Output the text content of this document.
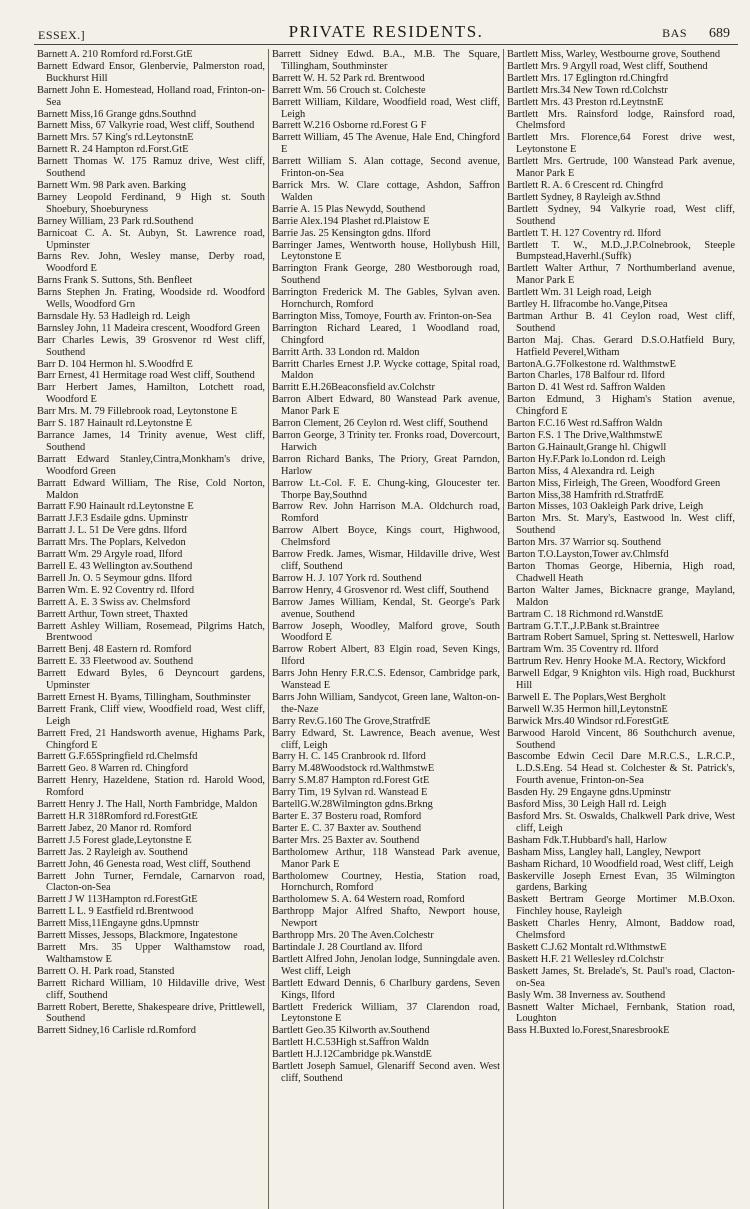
ESSEX.]	PRIVATE RESIDENTS.	BAS 689

Barnett A. 210 Romford rd.Forst.GtE

Barnett Edward Ensor, Glenbervie, Palmerston road, Buckhurst Hill

Barnett John E. Homestead, Holland road, Frinton-on-Sea

Barnett Miss,16 Grange gdns.Southnd

Barnett Miss, 67 Valkyrie road, West cliff, Southend

Barnett Mrs. 57 King's rd.LeytonstnE

Barnett R. 24 Hampton rd.Forst.GtE

Barnett Thomas W. 175 Ramuz drive, West cliff, Southend

Barnett Wm. 98 Park aven. Barking

Barney Leopold Ferdinand, 9 High st. South Shoebury, Shoeburyness

Barney William, 23 Park rd.Southend

Barnicoat C. A. St. Aubyn, St. Lawrence road, Upminster

Barns Rev. John, Wesley manse, Derby road, Woodford E

Barns Frank S. Suttons, Sth. Benfleet

Barns Stephen Jn. Frating, Woodside rd. Woodford Wells, Woodford Grn

Barnsdale Hy. 53 Hadleigh rd. Leigh

Barnsley John, 11 Madeira crescent, Woodford Green

Barr Charles Lewis, 39 Grosvenor rd West cliff, Southend

Barr D. 104 Hermon hl. S.Woodfrd E

Barr Ernest, 41 Hermitage road West cliff, Southend

Barr Herbert James, Hamilton, Lotchett road, Woodford E

Barr Mrs. M. 79 Fillebrook road, Leytonstone E

Barr S. 187 Hainault rd.Leytonstne E

Barrance James, 14 Trinity avenue, West cliff, Southend

Barratt Edward Stanley,Cintra,Monkham's drive, Woodford Green

Barratt Edward William, The Rise, Cold Norton, Maldon

Barratt F.90 Hainault rd.Leytonstne E

Barratt J.F.3 Esdaile gdns. Upminstr

Barratt J. L. 51 De Vere gdns. Ilford

Barratt Mrs. The Poplars, Kelvedon

Barratt Wm. 29 Argyle road, Ilford

Barrell E. 43 Wellington av.Southend

Barrell Jn. O. 5 Seymour gdns. Ilford

Barren Wm. E. 92 Coventry rd. Ilford

Barrett A. E. 3 Swiss av. Chelmsford

Barrett Arthur, Town street, Thaxted

Barrett Ashley William, Rosemead, Pilgrims Hatch, Brentwood

Barrett Benj. 48 Eastern rd. Romford

Barrett E. 33 Fleetwood av. Southend

Barrett Edward Byles, 6 Deyncourt gardens, Upminster

Barrett Ernest H. Byams, Tillingham, Southminster

Barrett Frank, Cliff view, Woodfield road, West cliff, Leigh

Barrett Fred, 21 Handsworth avenue, Highams Park, Chingford E

Barrett G.F.65Springfield rd.Chelmsfd

Barrett Geo. 8 Warren rd. Chingford

Barrett Henry, Hazeldene, Station rd. Harold Wood, Romford

Barrett Henry J. The Hall, North Fambridge, Maldon

Barrett H.R 318Romford rd.ForestGtE

Barrett Jabez, 20 Manor rd. Romford

Barrett J.5 Forest glade,Leytonstne E

Barrett Jas. 2 Rayleigh av. Southend

Barrett John, 46 Genesta road, West cliff, Southend

Barrett John Turner, Ferndale, Carnarvon road, Clacton-on-Sea

Barrett J W 113Hampton rd.ForestGtE

Barrett L L. 9 Eastfield rd.Brentwood

Barrett Miss,11Engayne gdns.Upmnstr

Barrett Misses, Jessops, Blackmore, Ingatestone

Barrett Mrs. 35 Upper Walthamstow road, Walthamstow E

Barrett O. H. Park road, Stansted

Barrett Richard William, 10 Hildaville drive, West cliff, Southend

Barrett Robert, Berette, Shakespeare drive, Prittlewell, Southend

Barrett Sidney,16 Carlisle rd.Romford

Barrett Sidney Edwd. B.A., M.B. The Square, Tillingham, Southminster

Barrett W. H. 52 Park rd. Brentwood

Barrett Wm. 56 Crouch st. Colcheste

Barrett William, Kildare, Woodfield road, West cliff, Leigh

Barrett W.216 Osborne rd.Forest G F

Barrett William, 45 The Avenue, Hale End, Chingford E

Barrett William S. Alan cottage, Second avenue, Frinton-on-Sea

Barrick Mrs. W. Clare cottage, Ashdon, Saffron Walden

Barrie A. 15 Plas Newydd, Southend

Barrie Alex.194 Plashet rd.Plaistow E

Barrie Jas. 25 Kensington gdns. Ilford

Barringer James, Wentworth house, Hollybush Hill, Leytonstone E

Barrington Frank George, 280 Westborough road, Southend

Barrington Frederick M. The Gables, Sylvan aven. Hornchurch, Romford

Barrington Miss, Tomoye, Fourth av. Frinton-on-Sea

Barrington Richard Leared, 1 Woodland road, Chingford

Barritt Arth. 33 London rd. Maldon

Barritt Charles Ernest J.P. Wycke cottage, Spital road, Maldon

Barritt E.H.26Beaconsfield av.Colchstr

Barron Albert Edward, 80 Wanstead Park avenue, Manor Park E

Barron Clement, 26 Ceylon rd. West cliff, Southend

Barron George, 3 Trinity ter. Fronks road, Dovercourt, Harwich

Barron Richard Banks, The Priory, Great Parndon, Harlow

Barrow Lt.-Col. F. E. Chung-king, Gloucester ter. Thorpe Bay,Southnd

Barrow Rev. John Harrison M.A. Oldchurch road, Romford

Barrow Albert Boyce, Kings court, Highwood, Chelmsford

Barrow Fredk. James, Wismar, Hildaville drive, West cliff, Southend

Barrow H. J. 107 York rd. Southend

Barrow Henry, 4 Grosvenor rd. West cliff, Southend

Barrow James William, Kendal, St. George's Park avenue, Southend

Barrow Joseph, Woodley, Malford grove, South Woodford E

Barrow Robert Albert, 83 Elgin road, Seven Kings, Ilford

Barrs John Henry F.R.C.S. Edensor, Cambridge park, Wanstead E

Barrs John William, Sandycot, Green lane, Walton-on-the-Naze

Barry Rev.G.160 The Grove,StratfrdE

Barry Edward, St. Lawrence, Beach avenue, West cliff, Leigh

Barry H. C. 145 Cranbrook rd. Ilford

Barry M.48Woodstock rd.WalthmstwE

Barry S.M.87 Hampton rd.Forest GtE

Barry Tim, 19 Sylvan rd. Wanstead E

BartellG.W.28Wilmington gdns.Brkng

Barter E. 37 Bosteru road, Romford

Barter E. C. 37 Baxter av. Southend

Barter Mrs. 25 Baxter av. Southend

Bartholomew Arthur, 118 Wanstead Park avenue, Manor Park E

Bartholomew Courtney, Hestia, Station road, Hornchurch, Romford

Bartholomew S. A. 64 Western road, Romford

Barthropp Major Alfred Shafto, Newport house, Newport

Barthropp Mrs. 20 The Aven.Colchestr

Bartindale J. 28 Courtland av. Ilford

Bartlett Alfred John, Jenolan lodge, Sunningdale aven. West cliff, Leigh

Bartlett Edward Dennis, 6 Charlbury gardens, Seven Kings, Ilford

Bartlett Frederick William, 37 Clarendon road, Leytonstone E

Bartlett Geo.35 Kilworth av.Southend

Bartlett H.C.53High st.Saffron Waldn

Bartlett H.J.12Cambridge pk.WanstdE

Bartlett Joseph Samuel, Glenariff Second aven. West cliff, Southend

Bartlett Miss, Warley, Westbourne grove, Southend

Bartlett Mrs. 9 Argyll road, West cliff, Southend

Bartlett Mrs. 17 Eglington rd.Chingfrd

Bartlett Mrs.34 New Town rd.Colchstr

Bartlett Mrs. 43 Preston rd.LeytnstnE

Bartlett Mrs. Rainsford lodge, Rainsford road, Chelmsford

Bartlett Mrs. Florence,64 Forest drive west, Leytonstone E

Bartlett Mrs. Gertrude, 100 Wanstead Park avenue, Manor Park E

Bartlett R. A. 6 Crescent rd. Chingfrd

Bartlett Sydney, 8 Rayleigh av.Sthnd

Bartlett Sydney, 94 Valkyrie road, West cliff, Southend

Bartlett T. H. 127 Coventry rd. Ilford

Bartlett T. W., M.D.,J.P.Colnebrook, Steeple Bumpstead,Haverhl.(Suffk)

Bartlett Walter Arthur, 7 Northumberland avenue, Manor Park E

Bartlett Wm. 31 Leigh road, Leigh

Bartley H. Ilfracombe ho.Vange,Pitsea

Bartman Arthur B. 41 Ceylon road, West cliff, Southend

Barton Maj. Chas. Gerard D.S.O.Hatfield Bury, Hatfield Peverel,Witham

BartonA.G.7Folkestone rd. WalthmstwE

Barton Charles, 178 Balfour rd. Ilford

Barton D. 41 West rd. Saffron Walden

Barton Edmund, 3 Higham's Station avenue, Chingford E

Barton F.C.16 West rd.Saffron Waldn

Barton F.S. 1 The Drive,WalthmstwE

Barton G.Hainault,Grange hl. Chigwll

Barton Hy.F.Park lo.London rd. Leigh

Barton Miss, 4 Alexandra rd. Leigh

Barton Miss, Firleigh, The Green, Woodford Green

Barton Miss,38 Hamfrith rd.StratfrdE

Barton Misses, 103 Oakleigh Park drive, Leigh

Barton Mrs. St. Mary's, Eastwood ln. West cliff, Southend

Barton Mrs. 37 Warrior sq. Southend

Barton T.O.Layston,Tower av.Chlmsfd

Barton Thomas George, Hibernia, High road, Chadwell Heath

Barton Walter James, Bicknacre grange, Mayland, Maldon

Bartram C. 18 Richmond rd.WanstdE

Bartram G.T.T.,J.P.Bank st.Braintree

Bartram Robert Samuel, Spring st. Netteswell, Harlow

Bartram Wm. 35 Coventry rd. Ilford

Bartrum Rev. Henry Hooke M.A. Rectory, Wickford

Barwell Edgar, 9 Knighton vils. High road, Buckhurst Hill

Barwell E. The Poplars,West Bergholt

Barwell W.35 Hermon hill,LeytonstnE

Barwick Mrs.40 Windsor rd.ForestGtE

Barwood Harold Vincent, 86 Southchurch avenue, Southend

Bascombe Edwin Cecil Dare M.R.C.S., L.R.C.P., L.D.S.Eng. 54 Head st. Colchester & St. Patrick's, Fourth avenue, Frinton-on-Sea

Basden Hy. 29 Engayne gdns.Upminstr

Basford Miss, 30 Leigh Hall rd. Leigh

Basford Mrs. St. Oswalds, Chalkwell Park drive, West cliff, Leigh

Basham Fdk.T.Hubbard's hall, Harlow

Basham Miss, Langley hall, Langley, Newport

Basham Richard, 10 Woodfield road, West cliff, Leigh

Baskerville Joseph Ernest Evan, 35 Wilmington gardens, Barking

Baskett Bertram George Mortimer M.B.Oxon. Finchley house, Rayleigh

Baskett Charles Henry, Almont, Baddow road, Chelmsford

Baskett C.J.62 Montalt rd.WlthmstwE

Baskett H.F. 21 Wellesley rd.Colchstr

Baskett James, St. Brelade's, St. Paul's road, Clacton-on-Sea

Basly Wm. 38 Inverness av. Southend

Basnett Walter Michael, Fernbank, Station road, Loughton

Bass H.Buxted lo.Forest,SnaresbrookE
